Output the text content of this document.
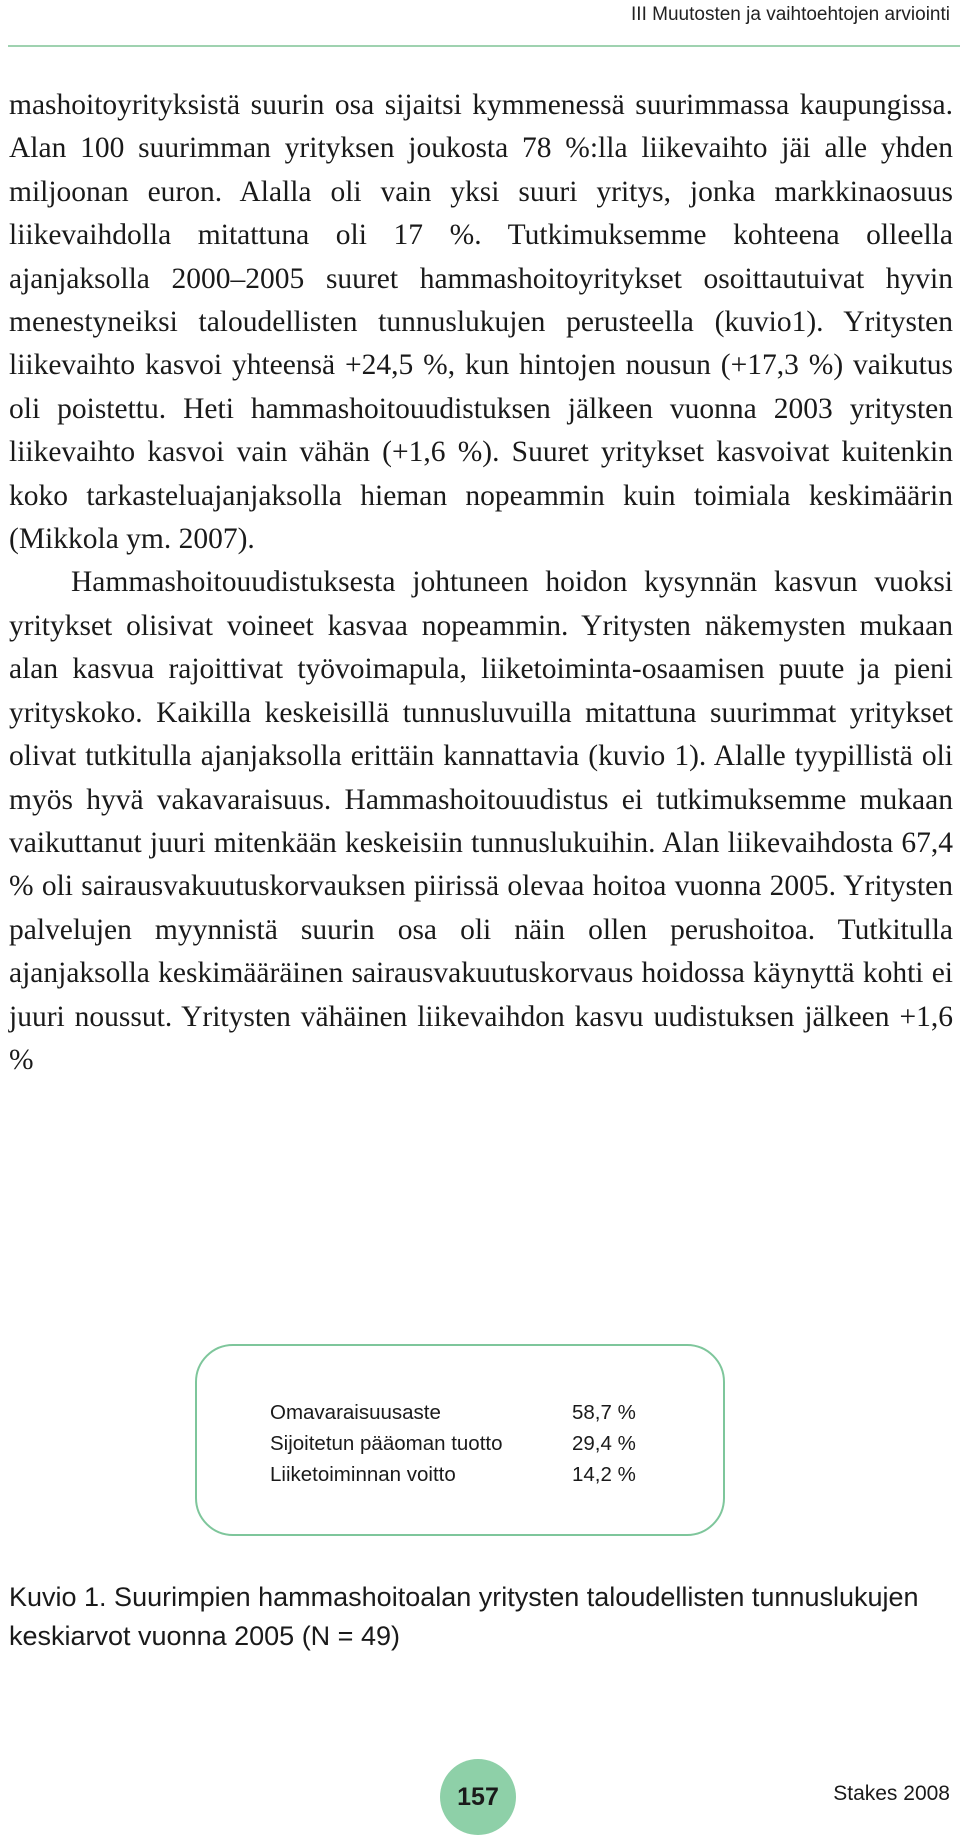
III Muutosten ja vaihtoehtojen arviointi

mashoitoyrityksistä suurin osa sijaitsi kymmenessä suurimmassa kaupungissa. Alan 100 suurimman yrityksen joukosta 78 %:lla liikevaihto jäi alle yhden miljoonan euron. Alalla oli vain yksi suuri yritys, jonka markkinaosuus liikevaihdolla mitattuna oli 17 %. Tutkimuksemme kohteena olleella ajanjaksolla 2000–2005 suuret hammashoitoyritykset osoittautuivat hyvin menestyneiksi taloudellisten tunnuslukujen perusteella (kuvio1). Yritysten liikevaihto kasvoi yhteensä +24,5 %, kun hintojen nousun (+17,3 %) vaikutus oli poistettu. Heti hammashoitouudistuksen jälkeen vuonna 2003 yritysten liikevaihto kasvoi vain vähän (+1,6 %). Suuret yritykset kasvoivat kuitenkin koko tarkasteluajanjaksolla hieman nopeammin kuin toimiala keskimäärin (Mikkola ym. 2007).

Hammashoitouudistuksesta johtuneen hoidon kysynnän kasvun vuoksi yritykset olisivat voineet kasvaa nopeammin. Yritysten näkemysten mukaan alan kasvua rajoittivat työvoimapula, liiketoiminta-osaamisen puute ja pieni yrityskoko. Kaikilla keskeisillä tunnusluvuilla mitattuna suurimmat yritykset olivat tutkitulla ajanjaksolla erittäin kannattavia (kuvio 1). Alalle tyypillistä oli myös hyvä vakavaraisuus. Hammashoitouudistus ei tutkimuksemme mukaan vaikuttanut juuri mitenkään keskeisiin tunnuslukuihin. Alan liikevaihdosta 67,4 % oli sairausvakuutuskorvauksen piirissä olevaa hoitoa vuonna 2005. Yritysten palvelujen myynnistä suurin osa oli näin ollen perushoitoa. Tutkitulla ajanjaksolla keskimääräinen sairausvakuutuskorvaus hoidossa käynyttä kohti ei juuri noussut. Yritysten vähäinen liikevaihdon kasvu uudistuksen jälkeen +1,6 %

Omavaraisuusaste	58,7 %
Sijoitetun pääoman tuotto	29,4 %
Liiketoiminnan voitto	14,2 %
Kuvio 1. Suurimpien hammashoitoalan yritysten taloudellisten tunnuslukujen keskiarvot vuonna 2005 (N = 49)
157	Stakes 2008
